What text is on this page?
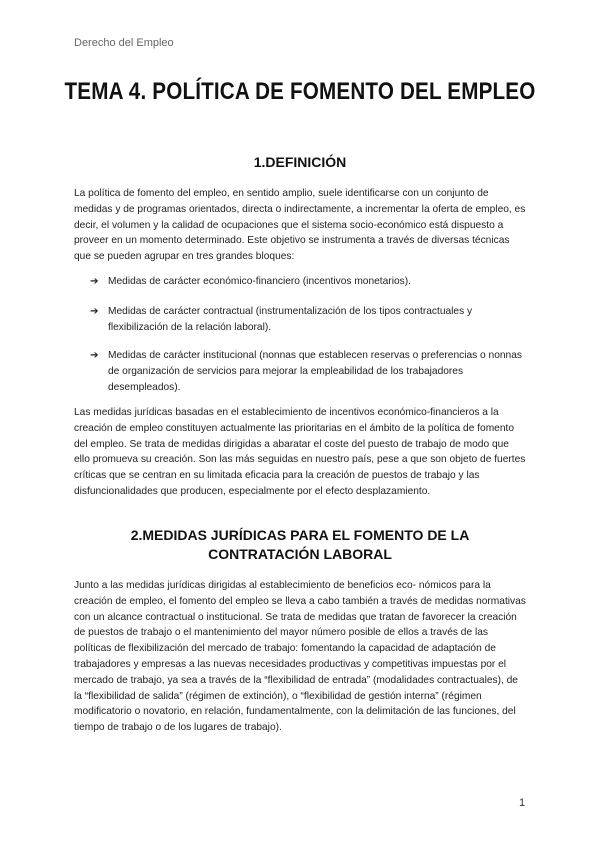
Derecho del Empleo
TEMA 4. POLÍTICA DE FOMENTO DEL EMPLEO
1.DEFINICIÓN

La política de fomento del empleo, en sentido amplio, suele identificarse con un conjunto de medidas y de programas orientados, directa o indirectamente, a incrementar la oferta de empleo, es decir, el volumen y la calidad de ocupaciones que el sistema socio-económico está dispuesto a proveer en un momento determinado. Este objetivo se instrumenta a través de diversas técnicas que se pueden agrupar en tres grandes bloques:

➔ Medidas de carácter económico-financiero (incentivos monetarios).
➔ Medidas de carácter contractual (instrumentalización de los tipos contractuales y flexibilización de la relación laboral).
➔ Medidas de carácter institucional (nonnas que establecen reservas o preferencias o nonnas de organización de servicios para mejorar la empleabilidad de los trabajadores desempleados).

Las medidas jurídicas basadas en el establecimiento de incentivos económico-financieros a la creación de empleo constituyen actualmente las prioritarias en el ámbito de la política de fomento del empleo. Se trata de medidas dirigidas a abaratar el coste del puesto de trabajo de modo que ello promueva su creación. Son las más seguidas en nuestro país, pese a que son objeto de fuertes críticas que se centran en su limitada eficacia para la creación de puestos de trabajo y las disfuncionalidades que producen, especialmente por el efecto desplazamiento.

2.MEDIDAS JURÍDICAS PARA EL FOMENTO DE LA CONTRATACIÓN LABORAL

Junto a las medidas jurídicas dirigidas al establecimiento de beneficios eco- nómicos para la creación de empleo, el fomento del empleo se lleva a cabo también a través de medidas normativas con un alcance contractual o institucional. Se trata de medidas que tratan de favorecer la creación de puestos de trabajo o el mantenimiento del mayor número posible de ellos a través de las políticas de flexibilización del mercado de trabajo: fomentando la capacidad de adaptación de trabajadores y empresas a las nuevas necesidades productivas y competitivas impuestas por el mercado de trabajo, ya sea a través de la “flexibilidad de entrada” (modalidades contractuales), de la “flexibilidad de salida” (régimen de extinción), o “flexibilidad de gestión interna” (régimen modificatorio o novatorio, en relación, fundamentalmente, con la delimitación de las funciones, del tiempo de trabajo o de los lugares de trabajo).

1
